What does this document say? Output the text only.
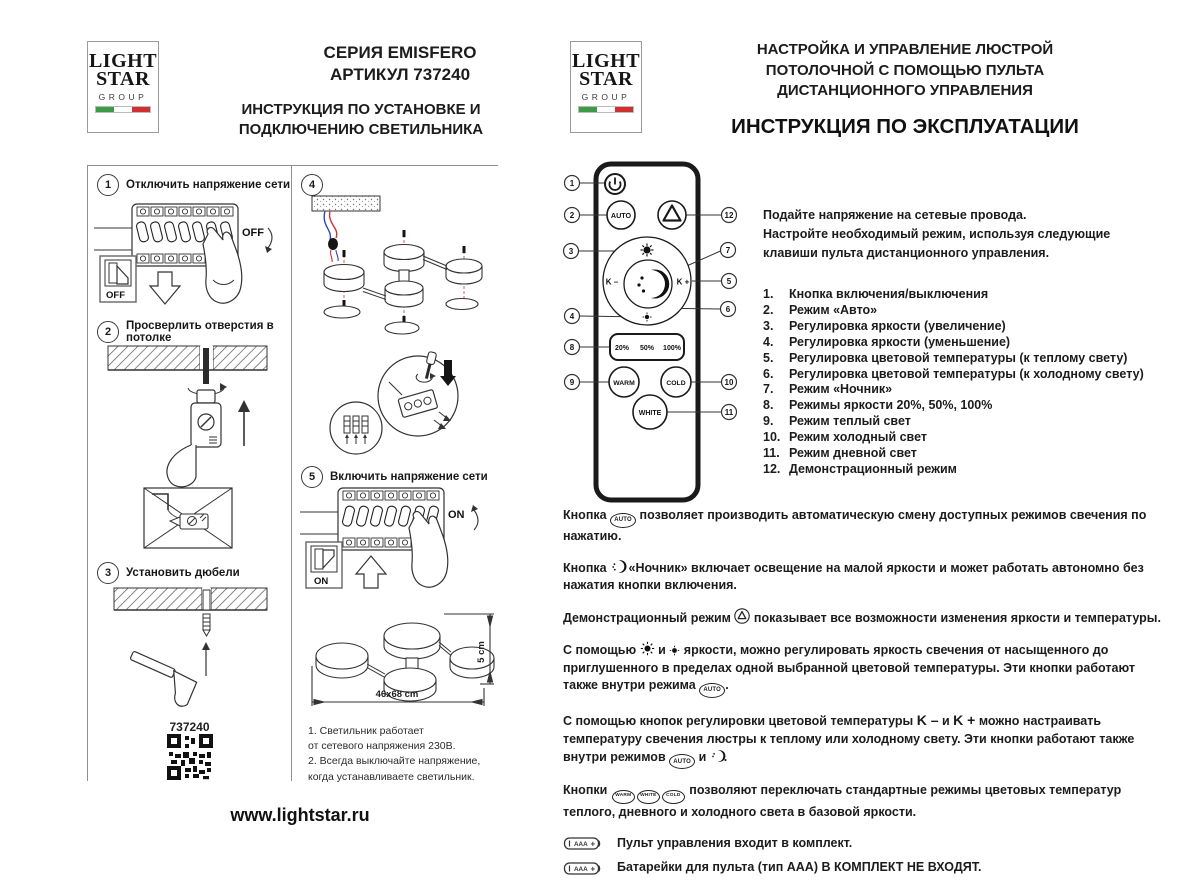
LIGHT
STAR
GROUP
СЕРИЯ EMISFERO
АРТИКУЛ 737240
ИНСТРУКЦИЯ ПО УСТАНОВКЕ И
ПОДКЛЮЧЕНИЮ СВЕТИЛЬНИКА
1	Отключить напряжение сети
OFF
OFF
2	Просверлить отверстия в потолке
3	Установить дюбели
737240
4
5	Включить напряжение сети
ON
ON
46x68 cm
5 cm
1. Светильник работает
от сетевого напряжения 230В.
2. Всегда выключайте напряжение,
когда устанавливаете светильник.
www.lightstar.ru
LIGHT
STAR
GROUP
НАСТРОЙКА И УПРАВЛЕНИЕ ЛЮСТРОЙ
ПОТОЛОЧНОЙ С ПОМОЩЬЮ ПУЛЬТА
ДИСТАНЦИОННОГО УПРАВЛЕНИЯ
ИНСТРУКЦИЯ ПО ЭКСПЛУАТАЦИИ
AUTO
K –	K +
20% 50% 100%
WARM	COLD
WHITE
1
2
3
4
5
6
7
8
9	10
11
12 Подайте напряжение на сетевые провода.
Настройте необходимый режим, используя следующие
клавиши пульта дистанционного управления.
1. Кнопка включения/выключения
2. Режим «Авто»
3. Регулировка яркости (увеличение)
4. Регулировка яркости (уменьшение)
5. Регулировка цветовой температуры (к теплому свету)
6. Регулировка цветовой температуры (к холодному свету)
7. Режим «Ночник»
8. Режимы яркости 20%, 50%, 100%
9. Режим теплый свет
10. Режим холодный свет
11. Режим дневной свет
12. Демонстрационный режим

Кнопка AUTO позволяет производить автоматическую смену доступных режимов свечения по нажатию.

Кнопка «Ночник» включает освещение на малой яркости и может работать автономно без нажатия кнопки включения.

Демонстрационный режим показывает все возможности изменения яркости и температуры.

С помощью и яркости, можно регулировать яркость свечения от насыщенного до приглушенного в пределах одной выбранной цветовой температуры. Эти кнопки работают также внутри режима AUTO .

С помощью кнопок регулировки цветовой температуры K – и K + можно настраивать температуру свечения люстры к теплому или холодному свету. Эти кнопки работают также внутри режимов AUTO и .

Кнопки WARM WHITE COLD позволяют переключать стандартные режимы цветовых температур теплого, дневного и холодного света в базовой яркости.

AAA + Пульт управления входит в комплект.
AAA + Батарейки для пульта (тип ААА) В КОМПЛЕКТ НЕ ВХОДЯТ.
